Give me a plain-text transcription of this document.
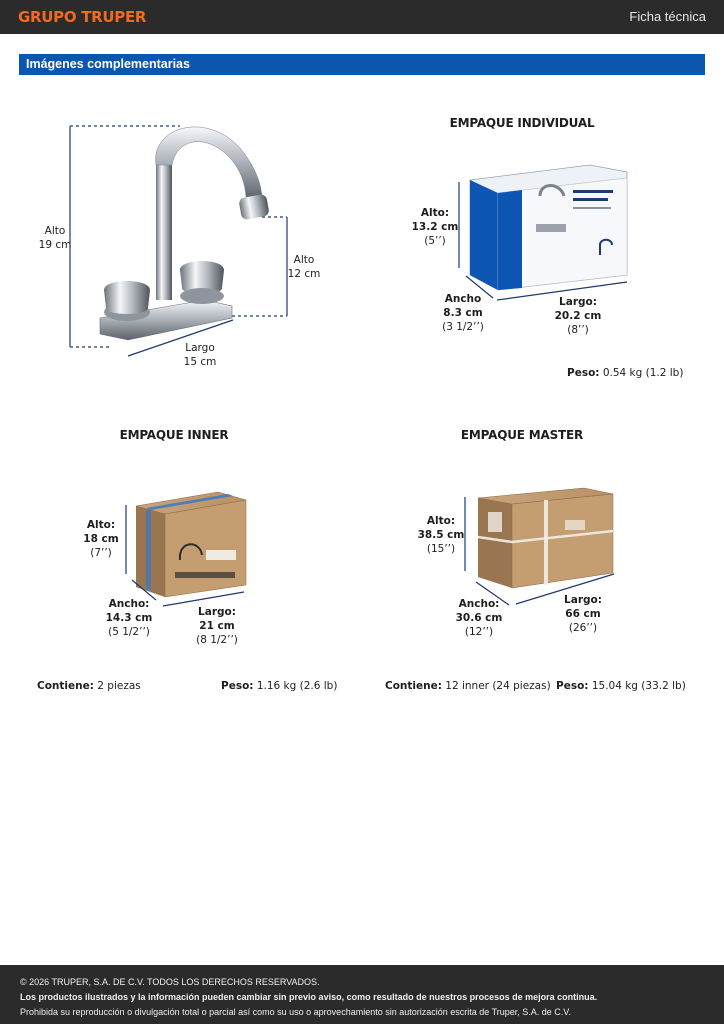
GRUPO TRUPER	Ficha técnica
Imágenes complementarias
Alto
19 cm
Alto
12 cm
Largo
15 cm
EMPAQUE INDIVIDUAL
Alto:
13.2 cm
(5’’)
Ancho
8.3 cm
(3 1/2’’)
Largo:
20.2 cm
(8’’)
Peso: 0.54 kg (1.2 lb)
EMPAQUE INNER
Alto:
18 cm
(7’’)
Ancho:
14.3 cm
(5 1/2’’)
Largo:
21 cm
(8 1/2’’)
Contiene: 2 piezas	Peso: 1.16 kg (2.6 lb)
EMPAQUE MASTER
Alto:
38.5 cm
(15’’)
Ancho:
30.6 cm
(12’’)
Largo:
66 cm
(26’’)
Contiene: 12 inner (24 piezas) Peso: 15.04 kg (33.2 lb)

© 2026 TRUPER, S.A. DE C.V. TODOS LOS DERECHOS RESERVADOS.

Los productos ilustrados y la información pueden cambiar sin previo aviso, como resultado de nuestros procesos de mejora continua.

Prohibida su reproducción o divulgación total o parcial así como su uso o aprovechamiento sin autorización escrita de Truper, S.A. de C.V.
